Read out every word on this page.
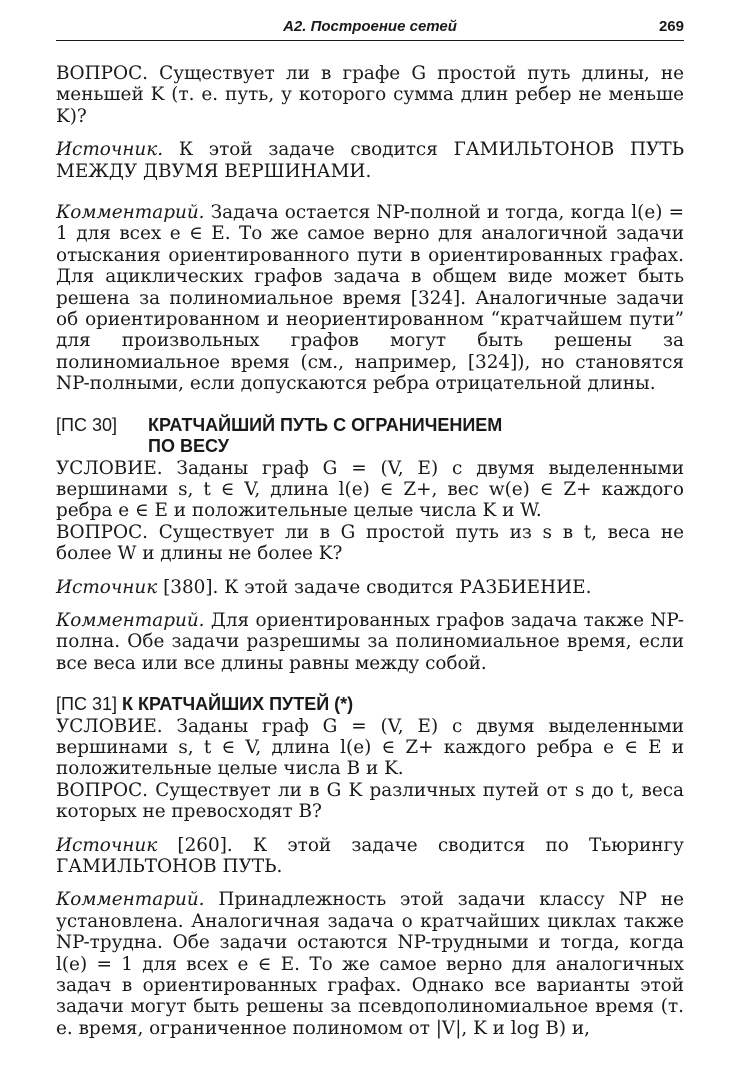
А2. Построение сетей	269

ВОПРОС. Существует ли в графе G простой путь длины, не меньшей K (т. е. путь, у которого сумма длин ребер не меньше K)?

Источник. К этой задаче сводится ГАМИЛЬТОНОВ ПУТЬ МЕЖДУ ДВУМЯ ВЕРШИНАМИ.

Комментарий. Задача остается NP-полной и тогда, когда l(e) = 1 для всех e ∈ E. То же самое верно для аналогичной задачи отыскания ориентированного пути в ориентированных графах. Для ациклических графов задача в общем виде может быть решена за полиномиальное время [324]. Аналогичные задачи об ориентированном и неориентированном “кратчайшем пути” для произвольных графов могут быть решены за полиномиальное время (см., например, [324]), но становятся NP-полными, если допускаются ребра отрицательной длины.

[ПС 30] КРАТЧАЙШИЙ ПУТЬ С ОГРАНИЧЕНИЕМ
ПО ВЕСУ

УСЛОВИЕ. Заданы граф G = (V, E) с двумя выделенными вершинами s, t ∈ V, длина l(e) ∈ Z+, вес w(e) ∈ Z+ каждого ребра e ∈ E и положительные целые числа K и W.

ВОПРОС. Существует ли в G простой путь из s в t, веса не более W и длины не более K?

Источник [380]. К этой задаче сводится РАЗБИЕНИЕ.

Комментарий. Для ориентированных графов задача также NP-полна. Обе задачи разрешимы за полиномиальное время, если все веса или все длины равны между собой.

[ПС 31] К КРАТЧАЙШИХ ПУТЕЙ (*)

УСЛОВИЕ. Заданы граф G = (V, E) с двумя выделенными вершинами s, t ∈ V, длина l(e) ∈ Z+ каждого ребра e ∈ E и положительные целые числа B и K.

ВОПРОС. Существует ли в G K различных путей от s до t, веса которых не превосходят B?

Источник [260]. К этой задаче сводится по Тьюрингу ГАМИЛЬТОНОВ ПУТЬ.

Комментарий. Принадлежность этой задачи классу NP не установлена. Аналогичная задача о кратчайших циклах также NP-трудна. Обе задачи остаются NP-трудными и тогда, когда l(e) = 1 для всех e ∈ E. То же самое верно для аналогичных задач в ориентированных графах. Однако все варианты этой задачи могут быть решены за псевдополиномиальное время (т. е. время, ограниченное полиномом от |V|, K и log B) и,
